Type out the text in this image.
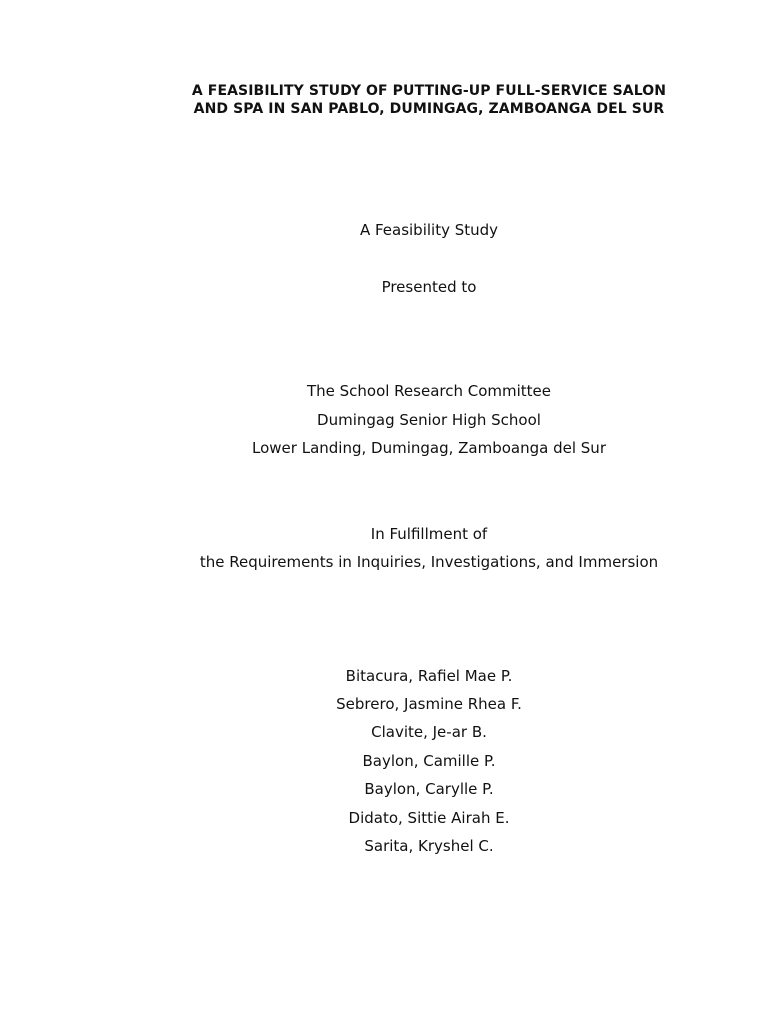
A FEASIBILITY STUDY OF PUTTING-UP FULL-SERVICE SALON
AND SPA IN SAN PABLO, DUMINGAG, ZAMBOANGA DEL SUR
A Feasibility Study
Presented to
The School Research Committee
Dumingag Senior High School
Lower Landing, Dumingag, Zamboanga del Sur
In Fulfillment of
the Requirements in Inquiries, Investigations, and Immersion
Bitacura, Rafiel Mae P.
Sebrero, Jasmine Rhea F.
Clavite, Je-ar B.
Baylon, Camille P.
Baylon, Carylle P.
Didato, Sittie Airah E.
Sarita, Kryshel C.
